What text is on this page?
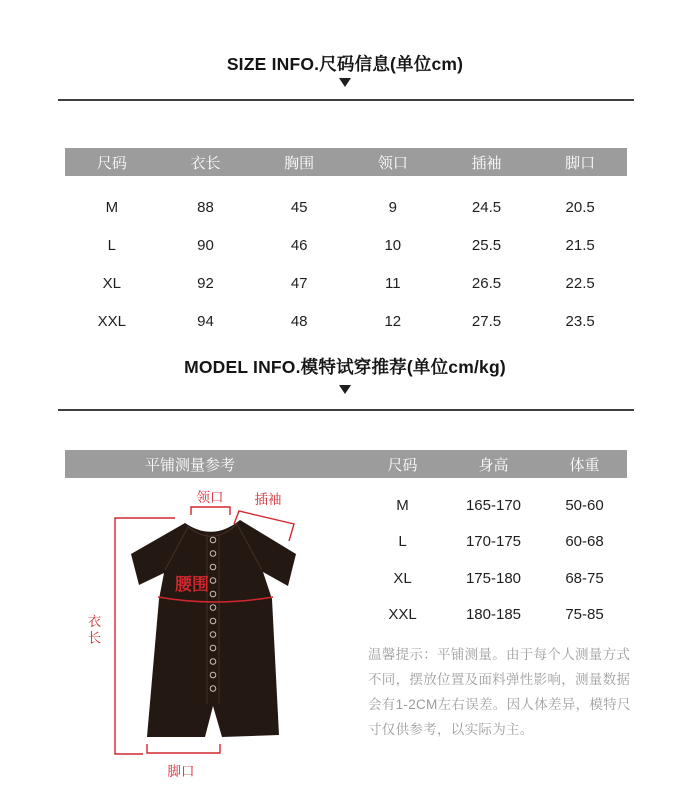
SIZE INFO.尺码信息(单位cm)
尺码	衣长	胸围	领口	插袖	脚口
M	88	45	9	24.5	20.5
L	90	46	10	25.5	21.5
XL	92	47	11	26.5	22.5
XXL	94	48	12	27.5	23.5
MODEL INFO.模特试穿推荐(单位cm/kg)
平铺测量参考	尺码	身高	体重
M	165-170	50-60
L	170-175	60-68
XL	175-180	68-75
XXL	180-185	75-85
温馨提示：平铺测量。由于每个人测量方式不同，摆放位置及面料弹性影响，测量数据会有1-2CM左右误差。因人体差异，模特尺寸仅供参考，以实际为主。
领口 插袖
腰围
衣长
脚口
